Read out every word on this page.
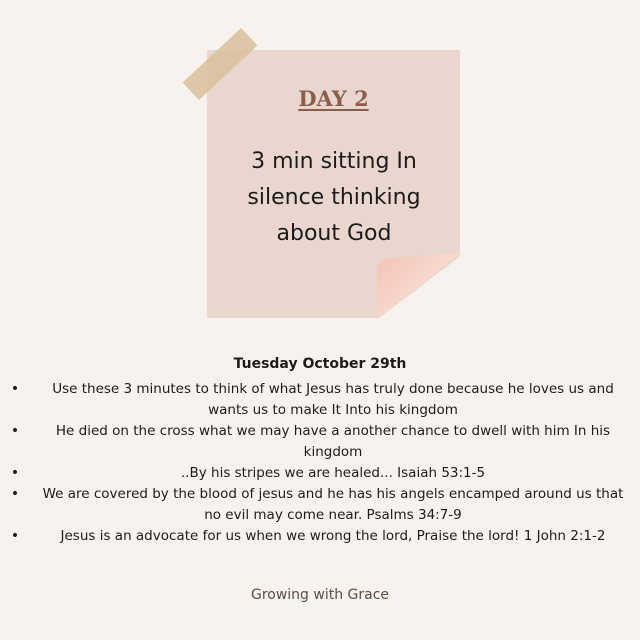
DAY 2
3 min sitting In silence thinking about God
Tuesday October 29th
• Use these 3 minutes to think of what Jesus has truly done because he loves us and wants us to make It Into his kingdom
•	He died on the cross what we may have a another chance to dwell with him In his kingdom
•	..By his stripes we are healed... Isaiah 53:1-5
• We are covered by the blood of jesus and he has his angels encamped around us that no evil may come near. Psalms 34:7-9
•	Jesus is an advocate for us when we wrong the lord, Praise the lord! 1 John 2:1-2
Growing with Grace
